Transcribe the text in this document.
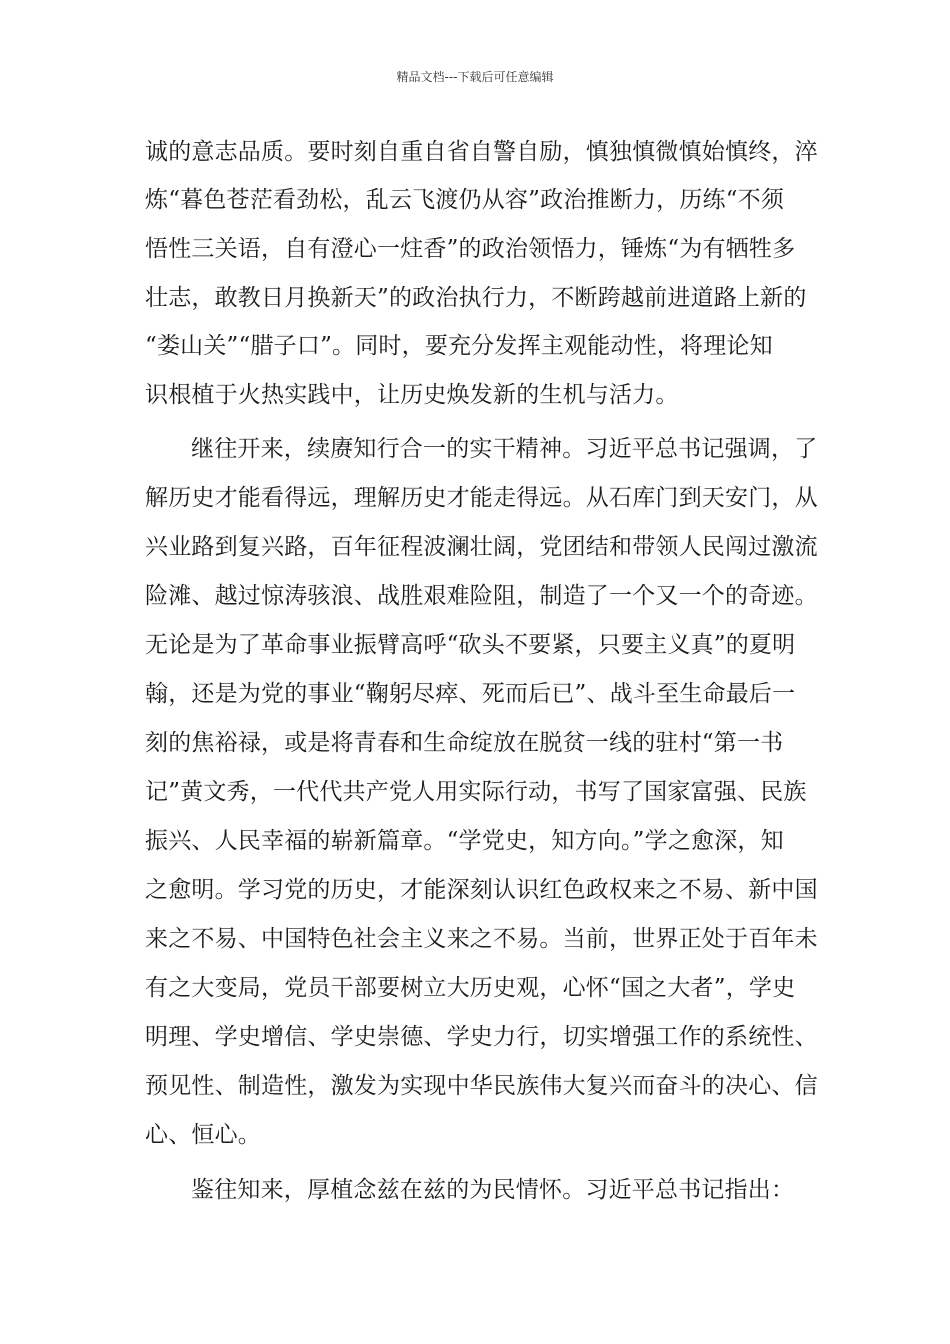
精品文档---下载后可任意编辑
诚的意志品质。要时刻自重自省自警自励，慎独慎微慎始慎终，淬
炼“暮色苍茫看劲松，乱云飞渡仍从容”政治推断力，历练“不须
悟性三关语，自有澄心一炷香”的政治领悟力，锤炼“为有牺牲多
壮志，敢教日月换新天”的政治执行力，不断跨越前进道路上新的
“娄山关”“腊子口”。同时，要充分发挥主观能动性，将理论知
识根植于火热实践中，让历史焕发新的生机与活力。
继往开来，续赓知行合一的实干精神。习近平总书记强调，了
解历史才能看得远，理解历史才能走得远。从石库门到天安门，从
兴业路到复兴路，百年征程波澜壮阔，党团结和带领人民闯过激流
险滩、越过惊涛骇浪、战胜艰难险阻，制造了一个又一个的奇迹。
无论是为了革命事业振臂高呼“砍头不要紧，只要主义真”的夏明
翰，还是为党的事业“鞠躬尽瘁、死而后已”、战斗至生命最后一
刻的焦裕禄，或是将青春和生命绽放在脱贫一线的驻村“第一书
记”黄文秀，一代代共产党人用实际行动，书写了国家富强、民族
振兴、人民幸福的崭新篇章。“学党史，知方向。”学之愈深，知
之愈明。学习党的历史，才能深刻认识红色政权来之不易、新中国
来之不易、中国特色社会主义来之不易。当前，世界正处于百年未
有之大变局，党员干部要树立大历史观，心怀“国之大者”，学史
明理、学史增信、学史崇德、学史力行，切实增强工作的系统性、
预见性、制造性，激发为实现中华民族伟大复兴而奋斗的决心、信
心、恒心。
鉴往知来，厚植念兹在兹的为民情怀。习近平总书记指出：
